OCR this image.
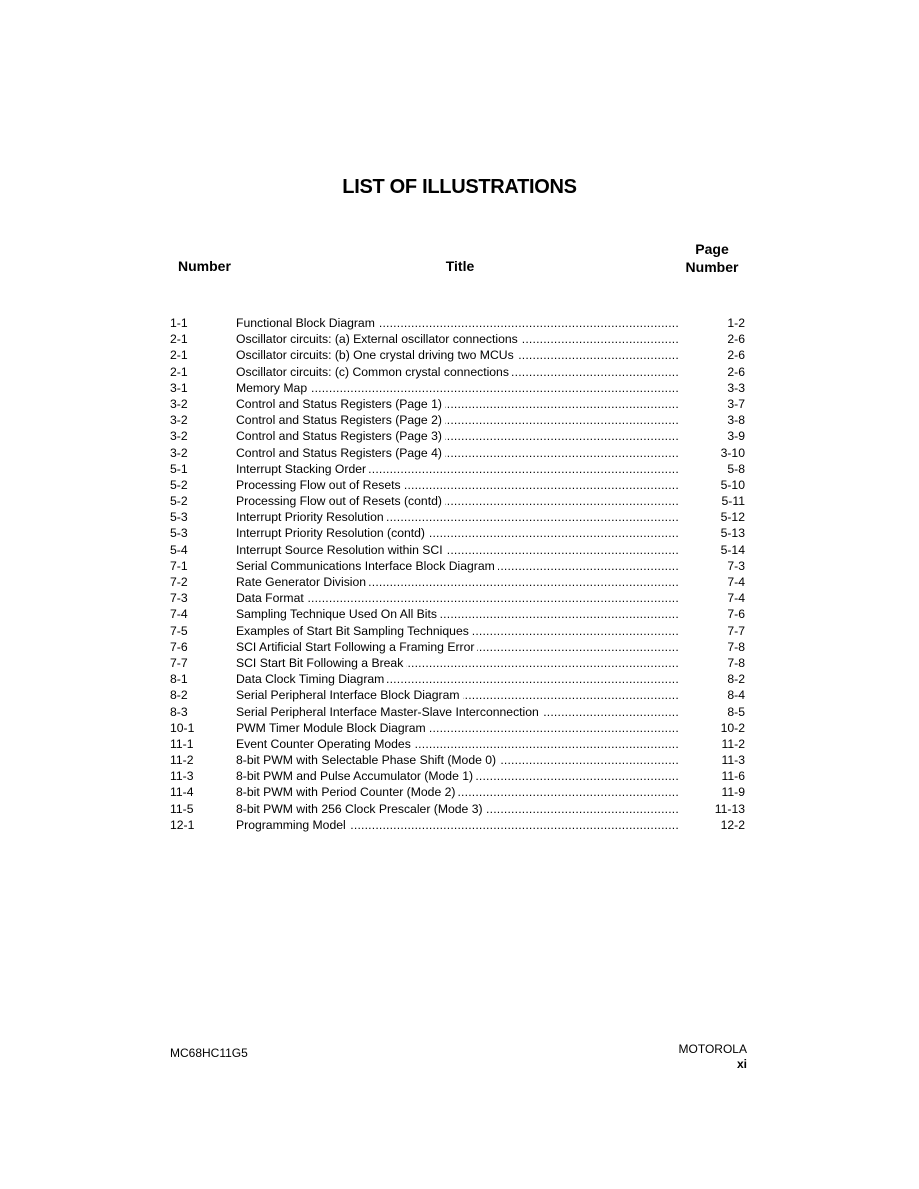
LIST OF ILLUSTRATIONS
Number	Title
Page
Number
1-1	Functional Block Diagram . . .	1-2
2-1	Oscillator circuits: (a) External oscillator connections . . .	2-6
2-1	Oscillator circuits: (b) One crystal driving two MCUs . . .	2-6
2-1	Oscillator circuits: (c) Common crystal connections . . .	2-6
3-1	Memory Map . . .	3-3
3-2	Control and Status Registers (Page 1) . . .	3-7
3-2	Control and Status Registers (Page 2) . . .	3-8
3-2	Control and Status Registers (Page 3) . . .	3-9
3-2	Control and Status Registers (Page 4) . . .	3-10
5-1	Interrupt Stacking Order . . .	5-8
5-2	Processing Flow out of Resets . . .	5-10
5-2	Processing Flow out of Resets (contd) . . .	5-11
5-3	Interrupt Priority Resolution . . .	5-12
5-3	Interrupt Priority Resolution (contd) . . .	5-13
5-4	Interrupt Source Resolution within SCI . . .	5-14
7-1	Serial Communications Interface Block Diagram . . .	7-3
7-2	Rate Generator Division . . .	7-4
7-3	Data Format . . .	7-4
7-4	Sampling Technique Used On All Bits . . .	7-6
7-5	Examples of Start Bit Sampling Techniques . . .	7-7
7-6	SCI Artificial Start Following a Framing Error . . .	7-8
7-7	SCI Start Bit Following a Break . . .	7-8
8-1	Data Clock Timing Diagram . . .	8-2
8-2	Serial Peripheral Interface Block Diagram . . .	8-4
8-3	Serial Peripheral Interface Master-Slave Interconnection . . .	8-5
10-1	PWM Timer Module Block Diagram . . .	10-2
11-1	Event Counter Operating Modes . . .	11-2
11-2	8-bit PWM with Selectable Phase Shift (Mode 0) . . .	11-3
11-3	8-bit PWM and Pulse Accumulator (Mode 1) . . .	11-6
11-4	8-bit PWM with Period Counter (Mode 2) . . .	11-9
11-5	8-bit PWM with 256 Clock Prescaler (Mode 3) . . .	11-13
12-1	Programming Model . . .	12-2
MC68HC11G5	MOTOROLA
xi
